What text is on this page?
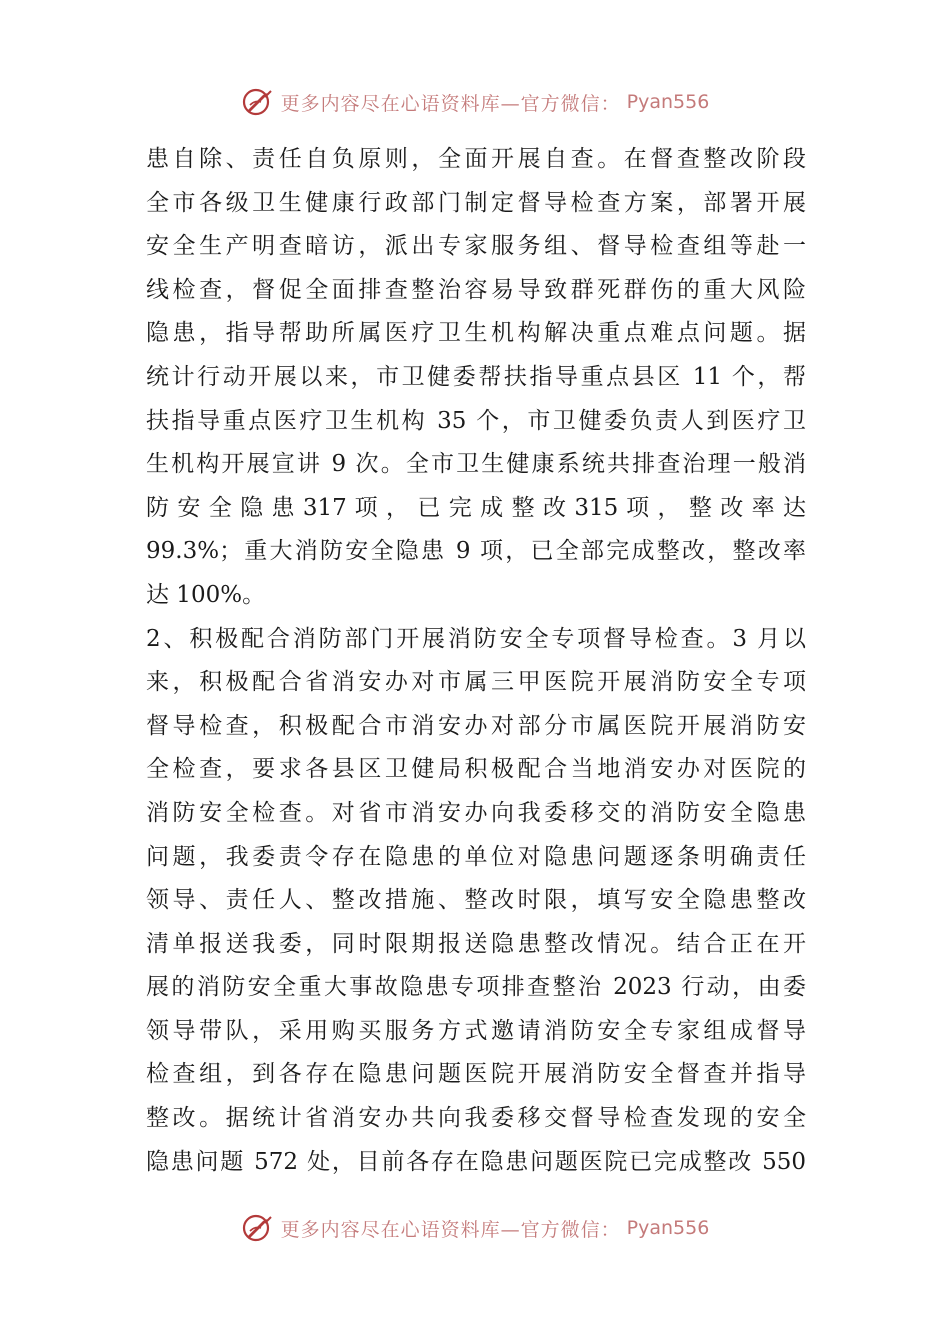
更多内容尽在心语资料库—官方微信： Pyan556
患自除、责任自负原则，全面开展自查。在督查整改阶段
全市各级卫生健康行政部门制定督导检查方案，部署开展
安全生产明查暗访，派出专家服务组、督导检查组等赴一
线检查，督促全面排查整治容易导致群死群伤的重大风险
隐患，指导帮助所属医疗卫生机构解决重点难点问题。据
统计行动开展以来，市卫健委帮扶指导重点县区 11 个，帮
扶指导重点医疗卫生机构 35 个，市卫健委负责人到医疗卫
生机构开展宣讲 9 次。全市卫生健康系统共排查治理一般消
防 安 全 隐 患 317 项 ， 已 完 成 整 改 315 项 ， 整 改 率 达
99.3%；重大消防安全隐患 9 项，已全部完成整改，整改率
达 100%。
2、积极配合消防部门开展消防安全专项督导检查。3 月以
来，积极配合省消安办对市属三甲医院开展消防安全专项
督导检查，积极配合市消安办对部分市属医院开展消防安
全检查，要求各县区卫健局积极配合当地消安办对医院的
消防安全检查。对省市消安办向我委移交的消防安全隐患
问题，我委责令存在隐患的单位对隐患问题逐条明确责任
领导、责任人、整改措施、整改时限，填写安全隐患整改
清单报送我委，同时限期报送隐患整改情况。结合正在开
展的消防安全重大事故隐患专项排查整治 2023 行动，由委
领导带队，采用购买服务方式邀请消防安全专家组成督导
检查组，到各存在隐患问题医院开展消防安全督查并指导
整改。据统计省消安办共向我委移交督导检查发现的安全
隐患问题 572 处，目前各存在隐患问题医院已完成整改 550
更多内容尽在心语资料库—官方微信： Pyan556
